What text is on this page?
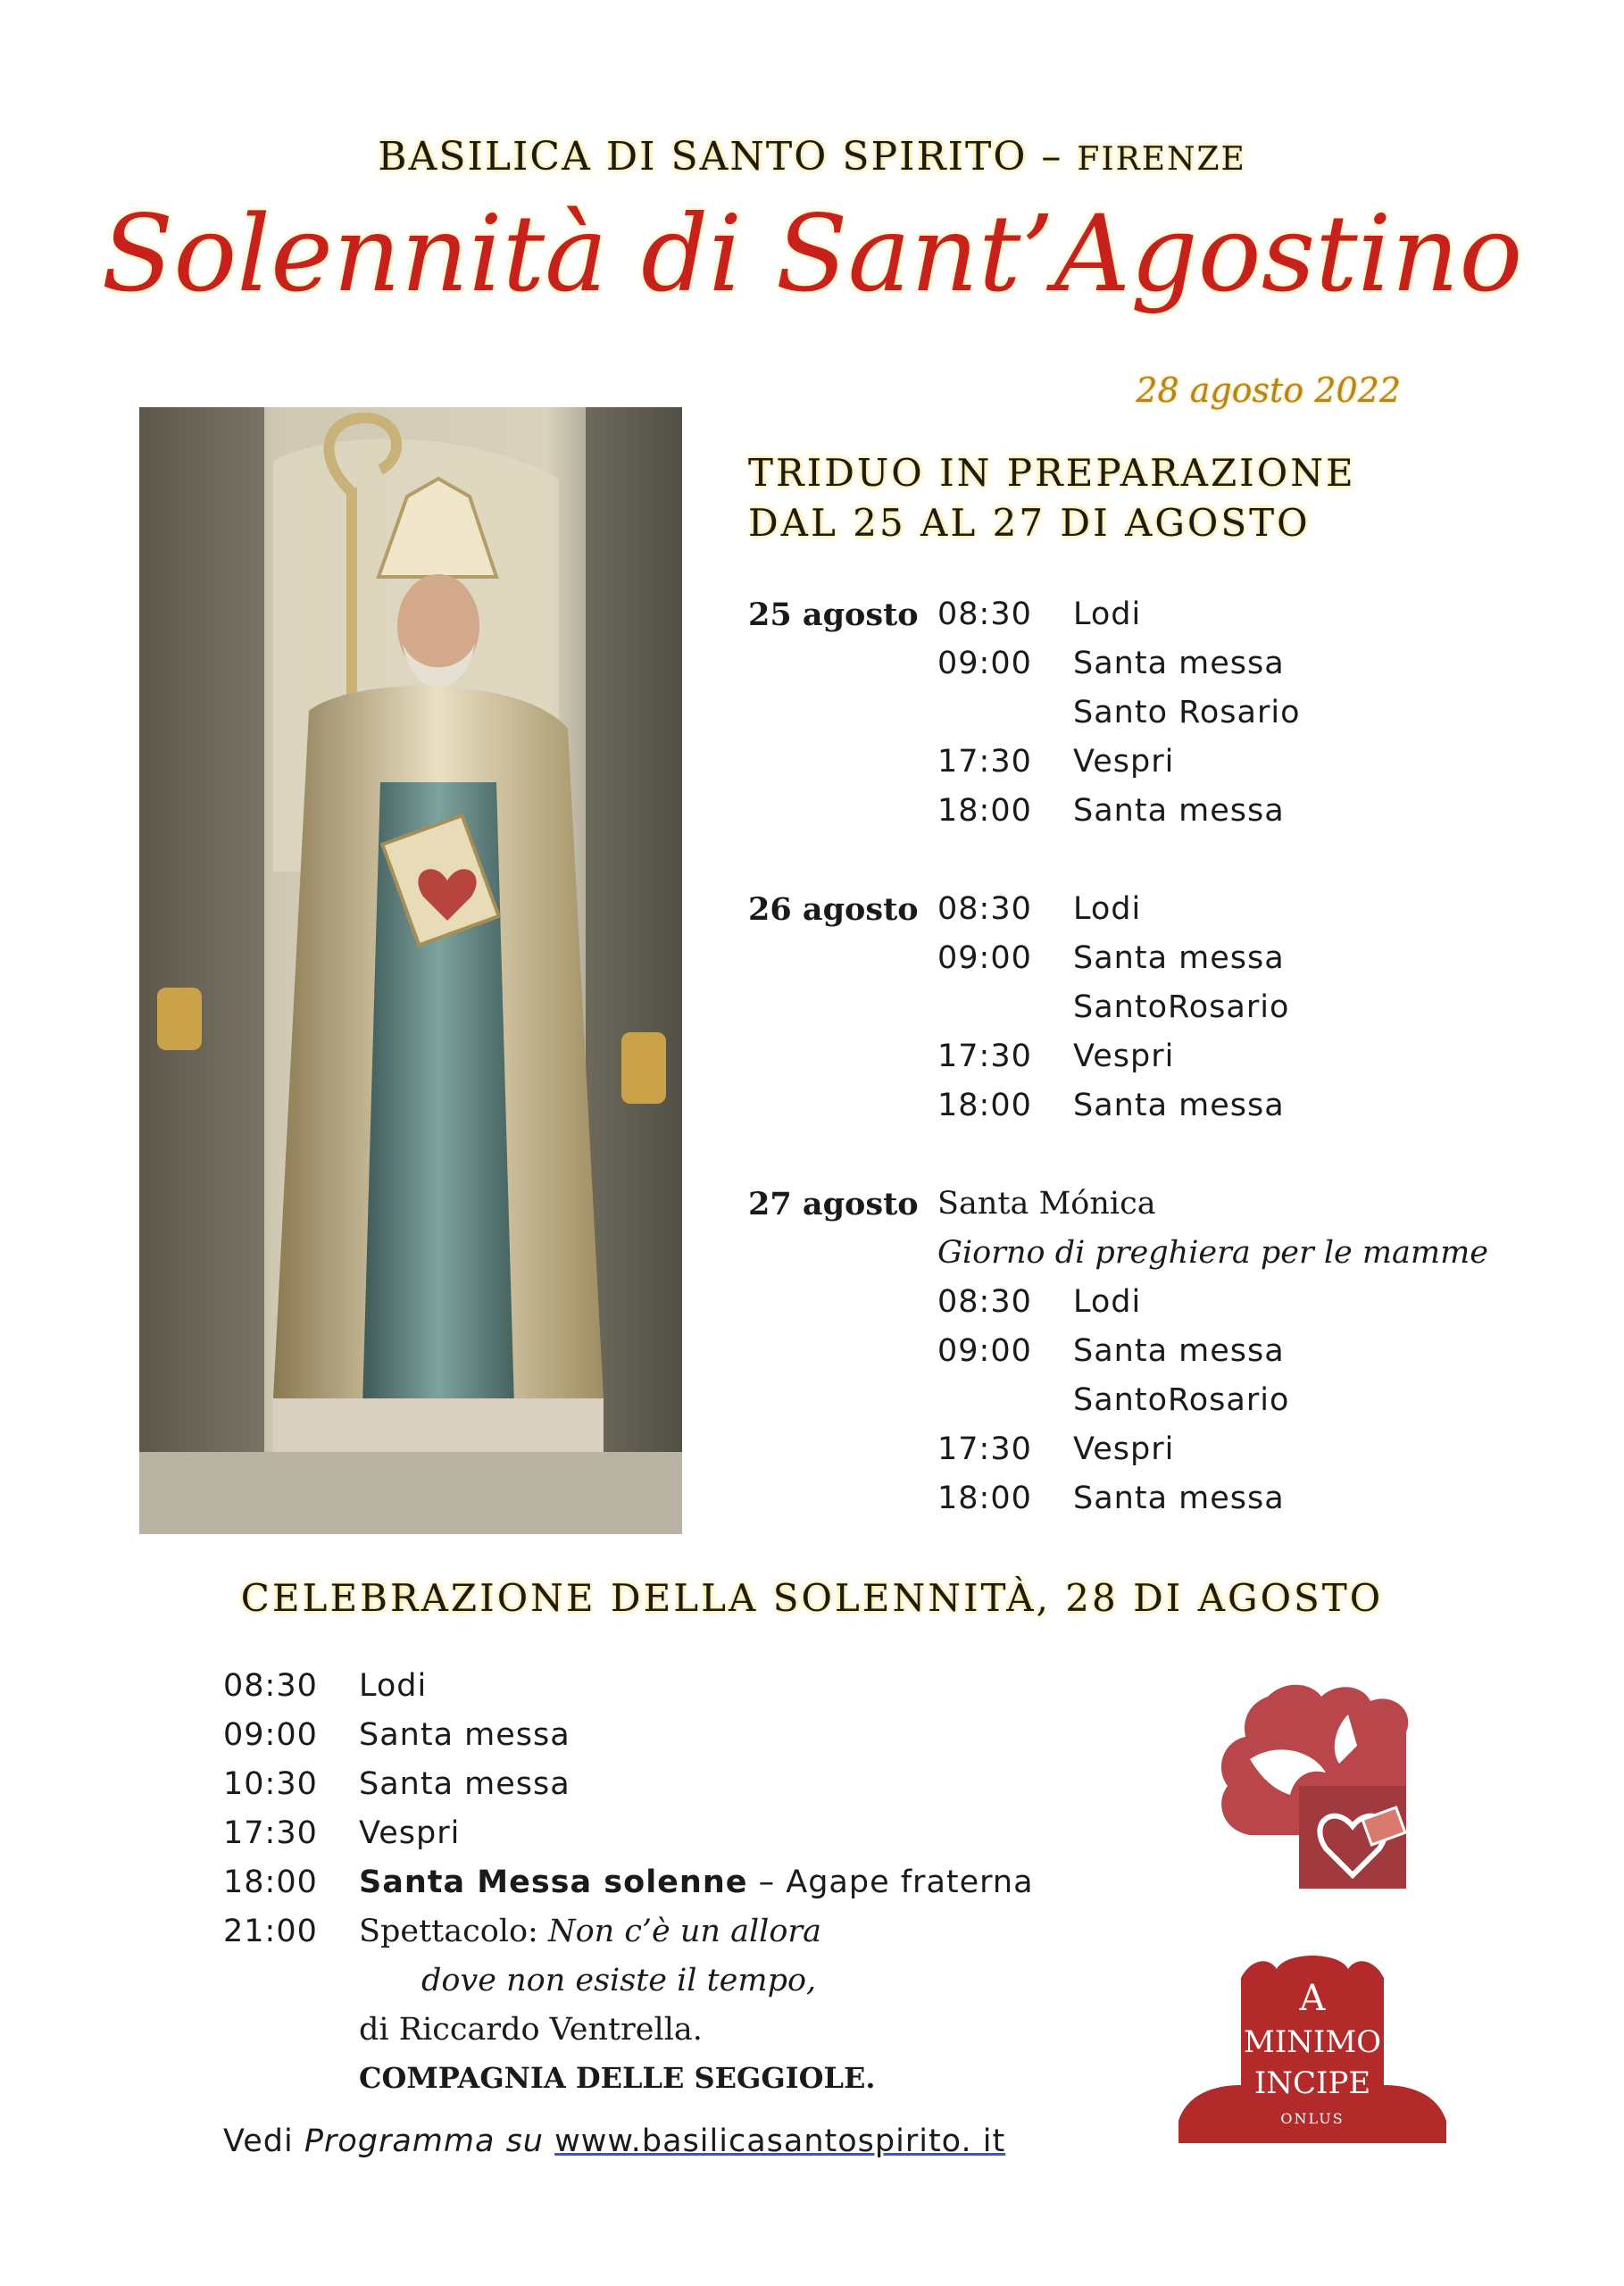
BASILICA DI SANTO SPIRITO – FIRENZE
Solennità di Sant’Agostino
28 agosto 2022
TRIDUO IN PREPARAZIONE
DAL 25 AL 27 DI AGOSTO
25 agosto 08:30 Lodi
09:00 Santa messa
Santo Rosario
17:30 Vespri
18:00 Santa messa
26 agosto 08:30 Lodi
09:00 Santa messa
SantoRosario
17:30 Vespri
18:00 Santa messa
27 agosto Santa Mónica
Giorno di preghiera per le mamme
08:30 Lodi
09:00 Santa messa
SantoRosario
17:30 Vespri
18:00 Santa messa
CELEBRAZIONE DELLA SOLENNITÀ, 28 DI AGOSTO
08:30 Lodi
09:00 Santa messa
10:30 Santa messa
17:30 Vespri
18:00 Santa Messa solenne – Agape fraterna
21:00 Spettacolo: Non c’è un allora
dove non esiste il tempo,
di Riccardo Ventrella.
COMPAGNIA DELLE SEGGIOLE.
Vedi Programma su www.basilicasantospirito. it
A
MINIMO
INCIPE
ONLUS
